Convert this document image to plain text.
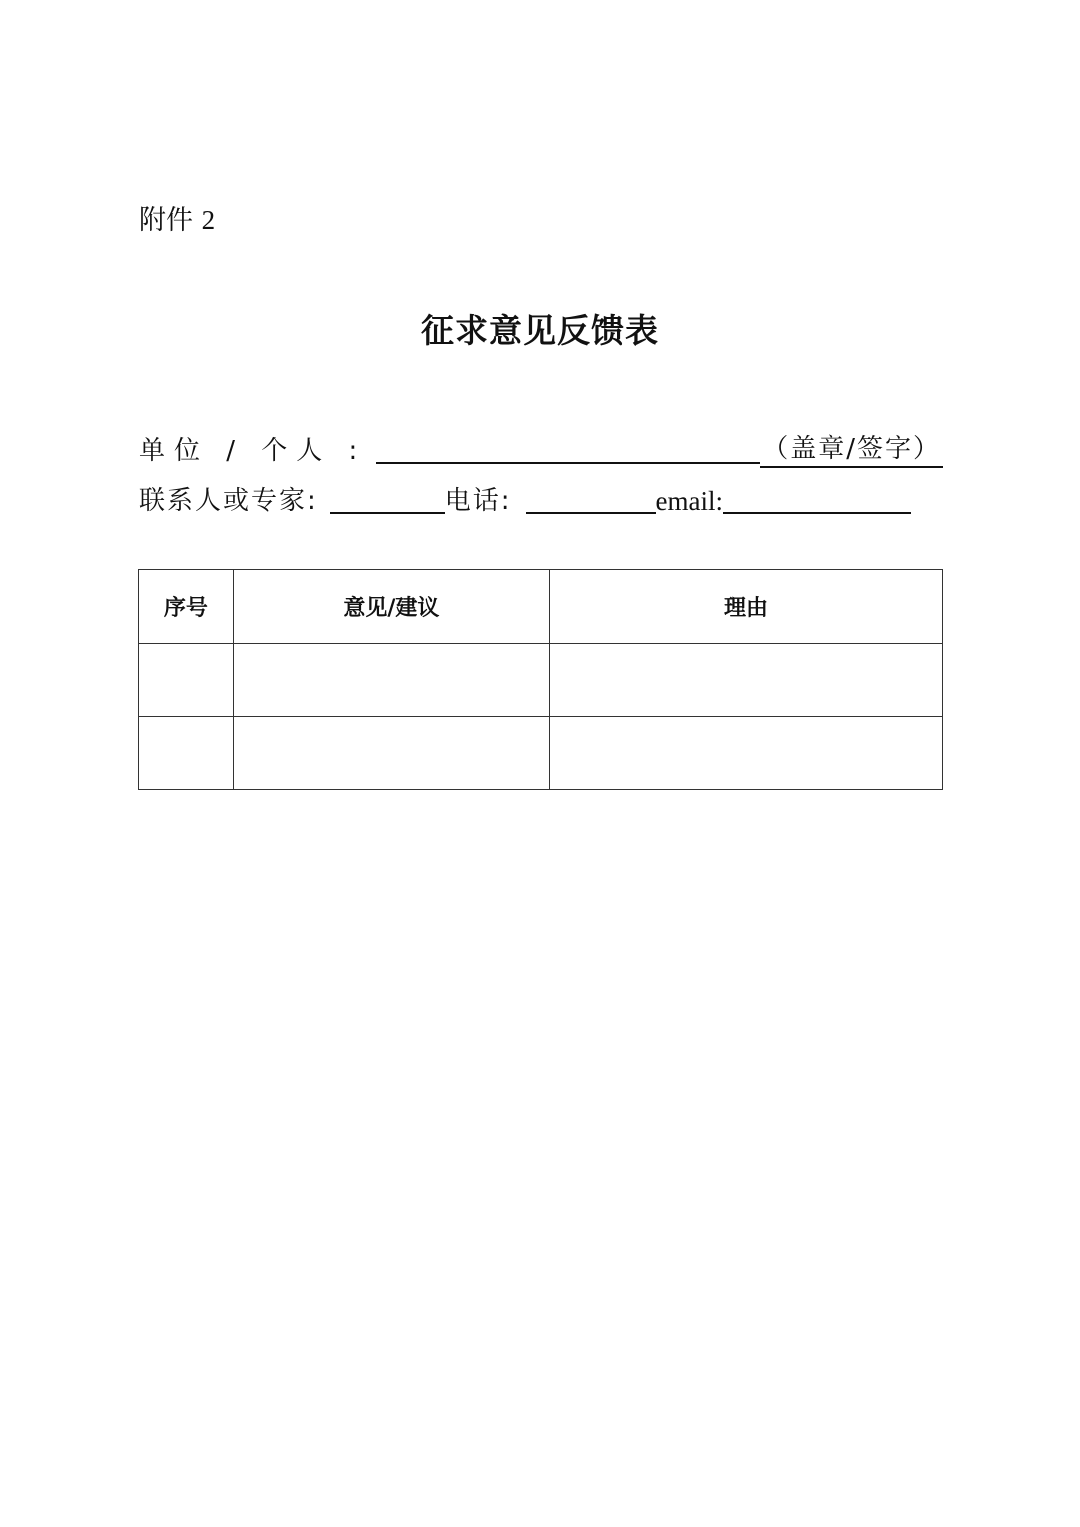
附件 2
征求意见反馈表
单位 / 个人 :	（盖章/签字）
联系人或专家:	电话:	email:
序号	意见/建议	理由
